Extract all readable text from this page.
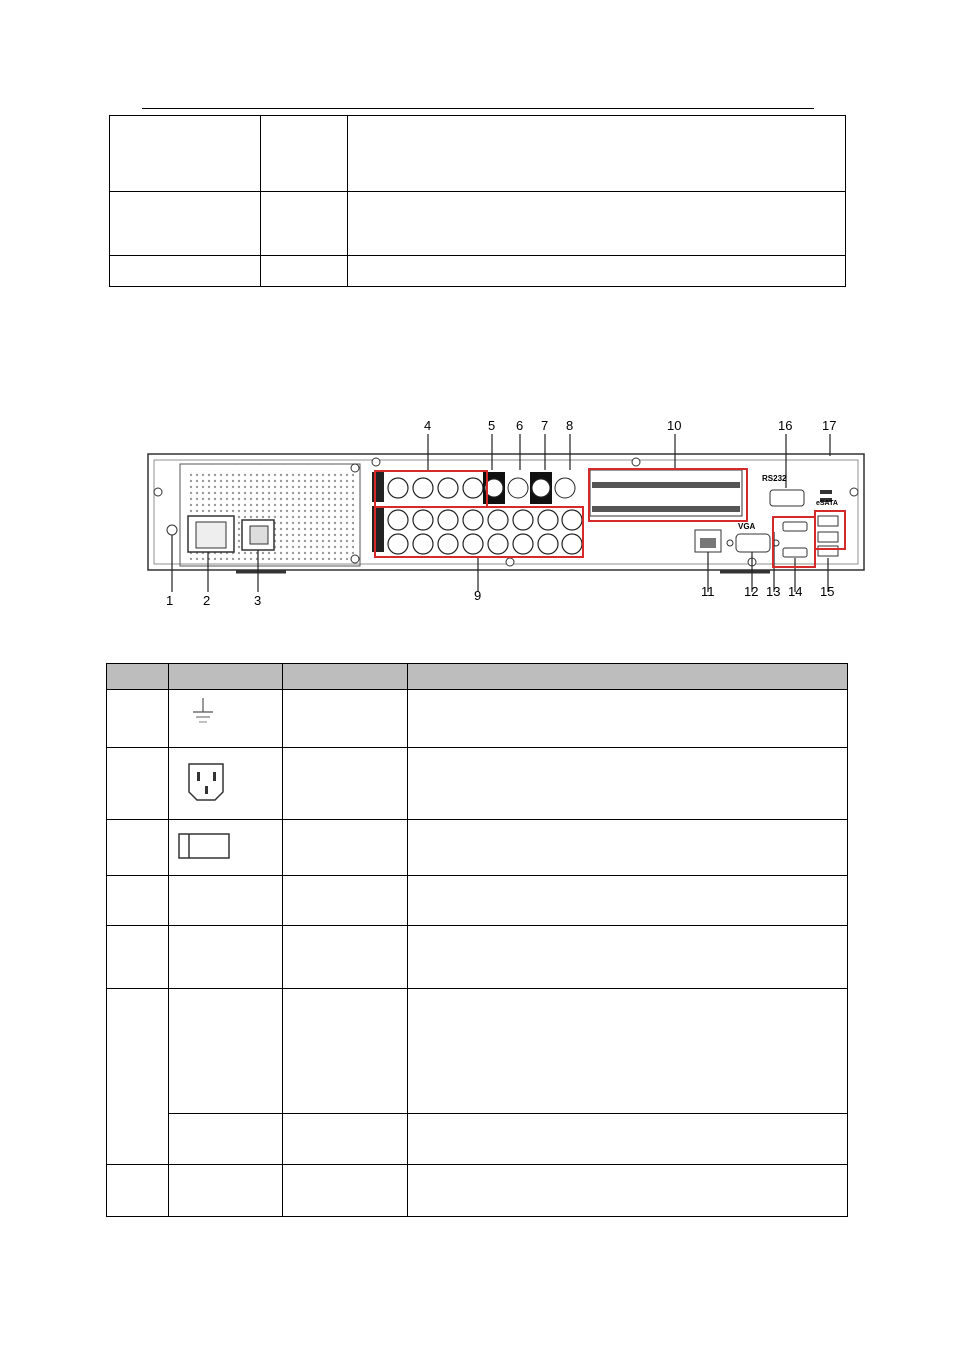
RS232
VGA
eSATA
1 2	3
4	5 6 7 8
9
10
11 12 13 14 15
16 17
